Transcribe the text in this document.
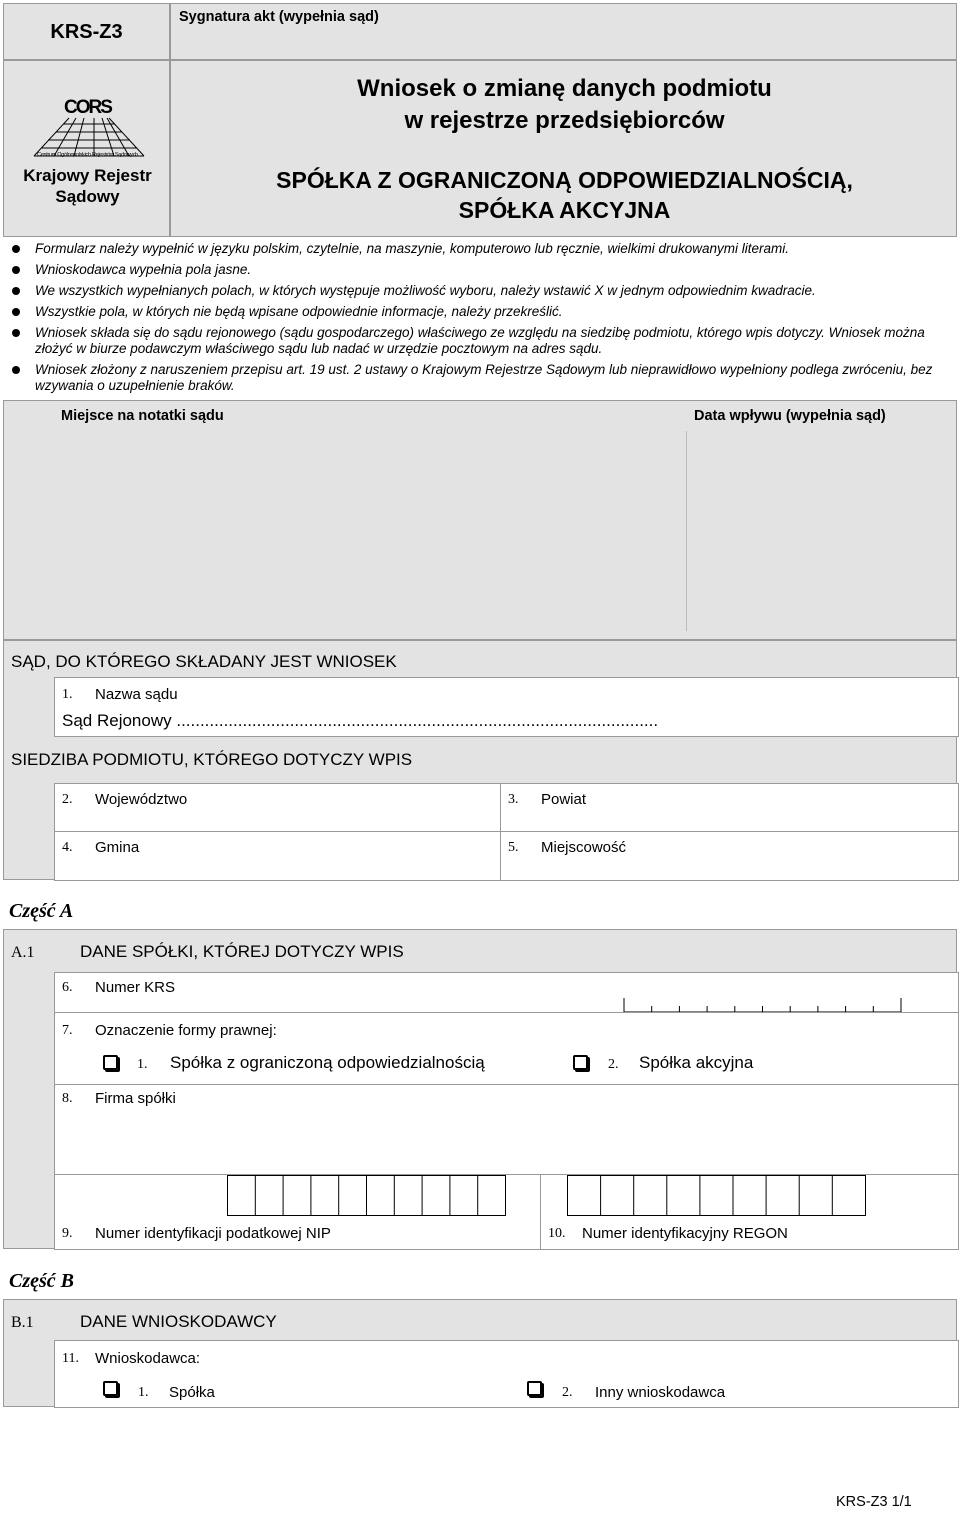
KRS-Z3
Sygnatura akt (wypełnia sąd)
CORS
Centrum Ogólnopolskich Rejestrów Sądowych
Krajowy Rejestr Sądowy
Wniosek o zmianę danych podmiotu
w rejestrze przedsiębiorców
SPÓŁKA Z OGRANICZONĄ ODPOWIEDZIALNOŚCIĄ,
SPÓŁKA AKCYJNA
Formularz należy wypełnić w języku polskim, czytelnie, na maszynie, komputerowo lub ręcznie, wielkimi drukowanymi literami.
Wnioskodawca wypełnia pola jasne.
We wszystkich wypełnianych polach, w których występuje możliwość wyboru, należy wstawić X w jednym odpowiednim kwadracie.
Wszystkie pola, w których nie będą wpisane odpowiednie informacje, należy przekreślić.
Wniosek składa się do sądu rejonowego (sądu gospodarczego) właściwego ze względu na siedzibę podmiotu, którego wpis dotyczy. Wniosek można złożyć w biurze podawczym właściwego sądu lub nadać w urzędzie pocztowym na adres sądu.
Wniosek złożony z naruszeniem przepisu art. 19 ust. 2 ustawy o Krajowym Rejestrze Sądowym lub nieprawidłowo wypełniony podlega zwróceniu, bez wzywania o uzupełnienie braków.
Miejsce na notatki sądu	Data wpływu (wypełnia sąd)
SĄD, DO KTÓREGO SKŁADANY JEST WNIOSEK
1.	Nazwa sądu
Sąd Rejonowy ......................................................................................................
SIEDZIBA PODMIOTU, KTÓREGO DOTYCZY WPIS
2.	Województwo	3.	Powiat
4.	Gmina	5.	Miejscowość
Część A
A.1	DANE SPÓŁKI, KTÓREJ DOTYCZY WPIS
6.	Numer KRS
7.	Oznaczenie formy prawnej:
1.	Spółka z ograniczoną odpowiedzialnością	2.	Spółka akcyjna
8.	Firma spółki
9.	Numer identyfikacji podatkowej NIP	10.	Numer identyfikacyjny REGON
Część B
B.1	DANE WNIOSKODAWCY
11.	Wnioskodawca:
1.	Spółka	2.	Inny wnioskodawca
KRS-Z3 1/1
